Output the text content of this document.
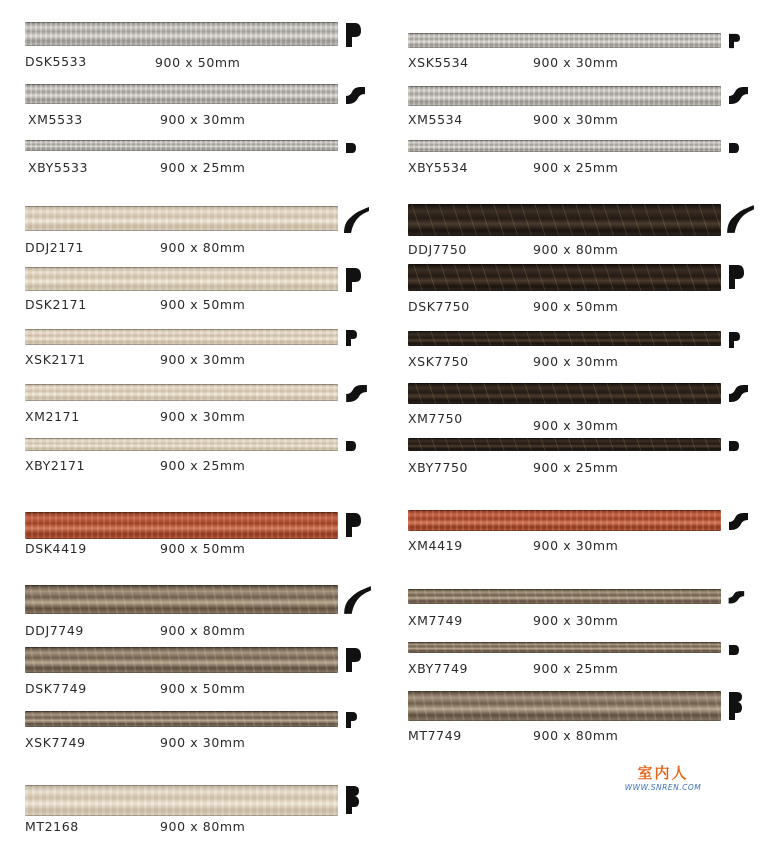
DSK5533	900 x 50mm
XM5533	900 x 30mm
XBY5533	900 x 25mm
DDJ2171	900 x 80mm
DSK2171	900 x 50mm
XSK2171	900 x 30mm
XM2171	900 x 30mm
XBY2171	900 x 25mm
DSK4419	900 x 50mm
DDJ7749	900 x 80mm
DSK7749	900 x 50mm
XSK7749	900 x 30mm
MT2168	900 x 80mm
XSK5534	900 x 30mm
XM5534	900 x 30mm
XBY5534	900 x 25mm
DDJ7750	900 x 80mm
DSK7750	900 x 50mm
XSK7750	900 x 30mm
XM7750	900 x 30mm
XBY7750	900 x 25mm
XM4419	900 x 30mm
XM7749	900 x 30mm
XBY7749	900 x 25mm
MT7749	900 x 80mm
室内人
WWW.SNREN.COM
